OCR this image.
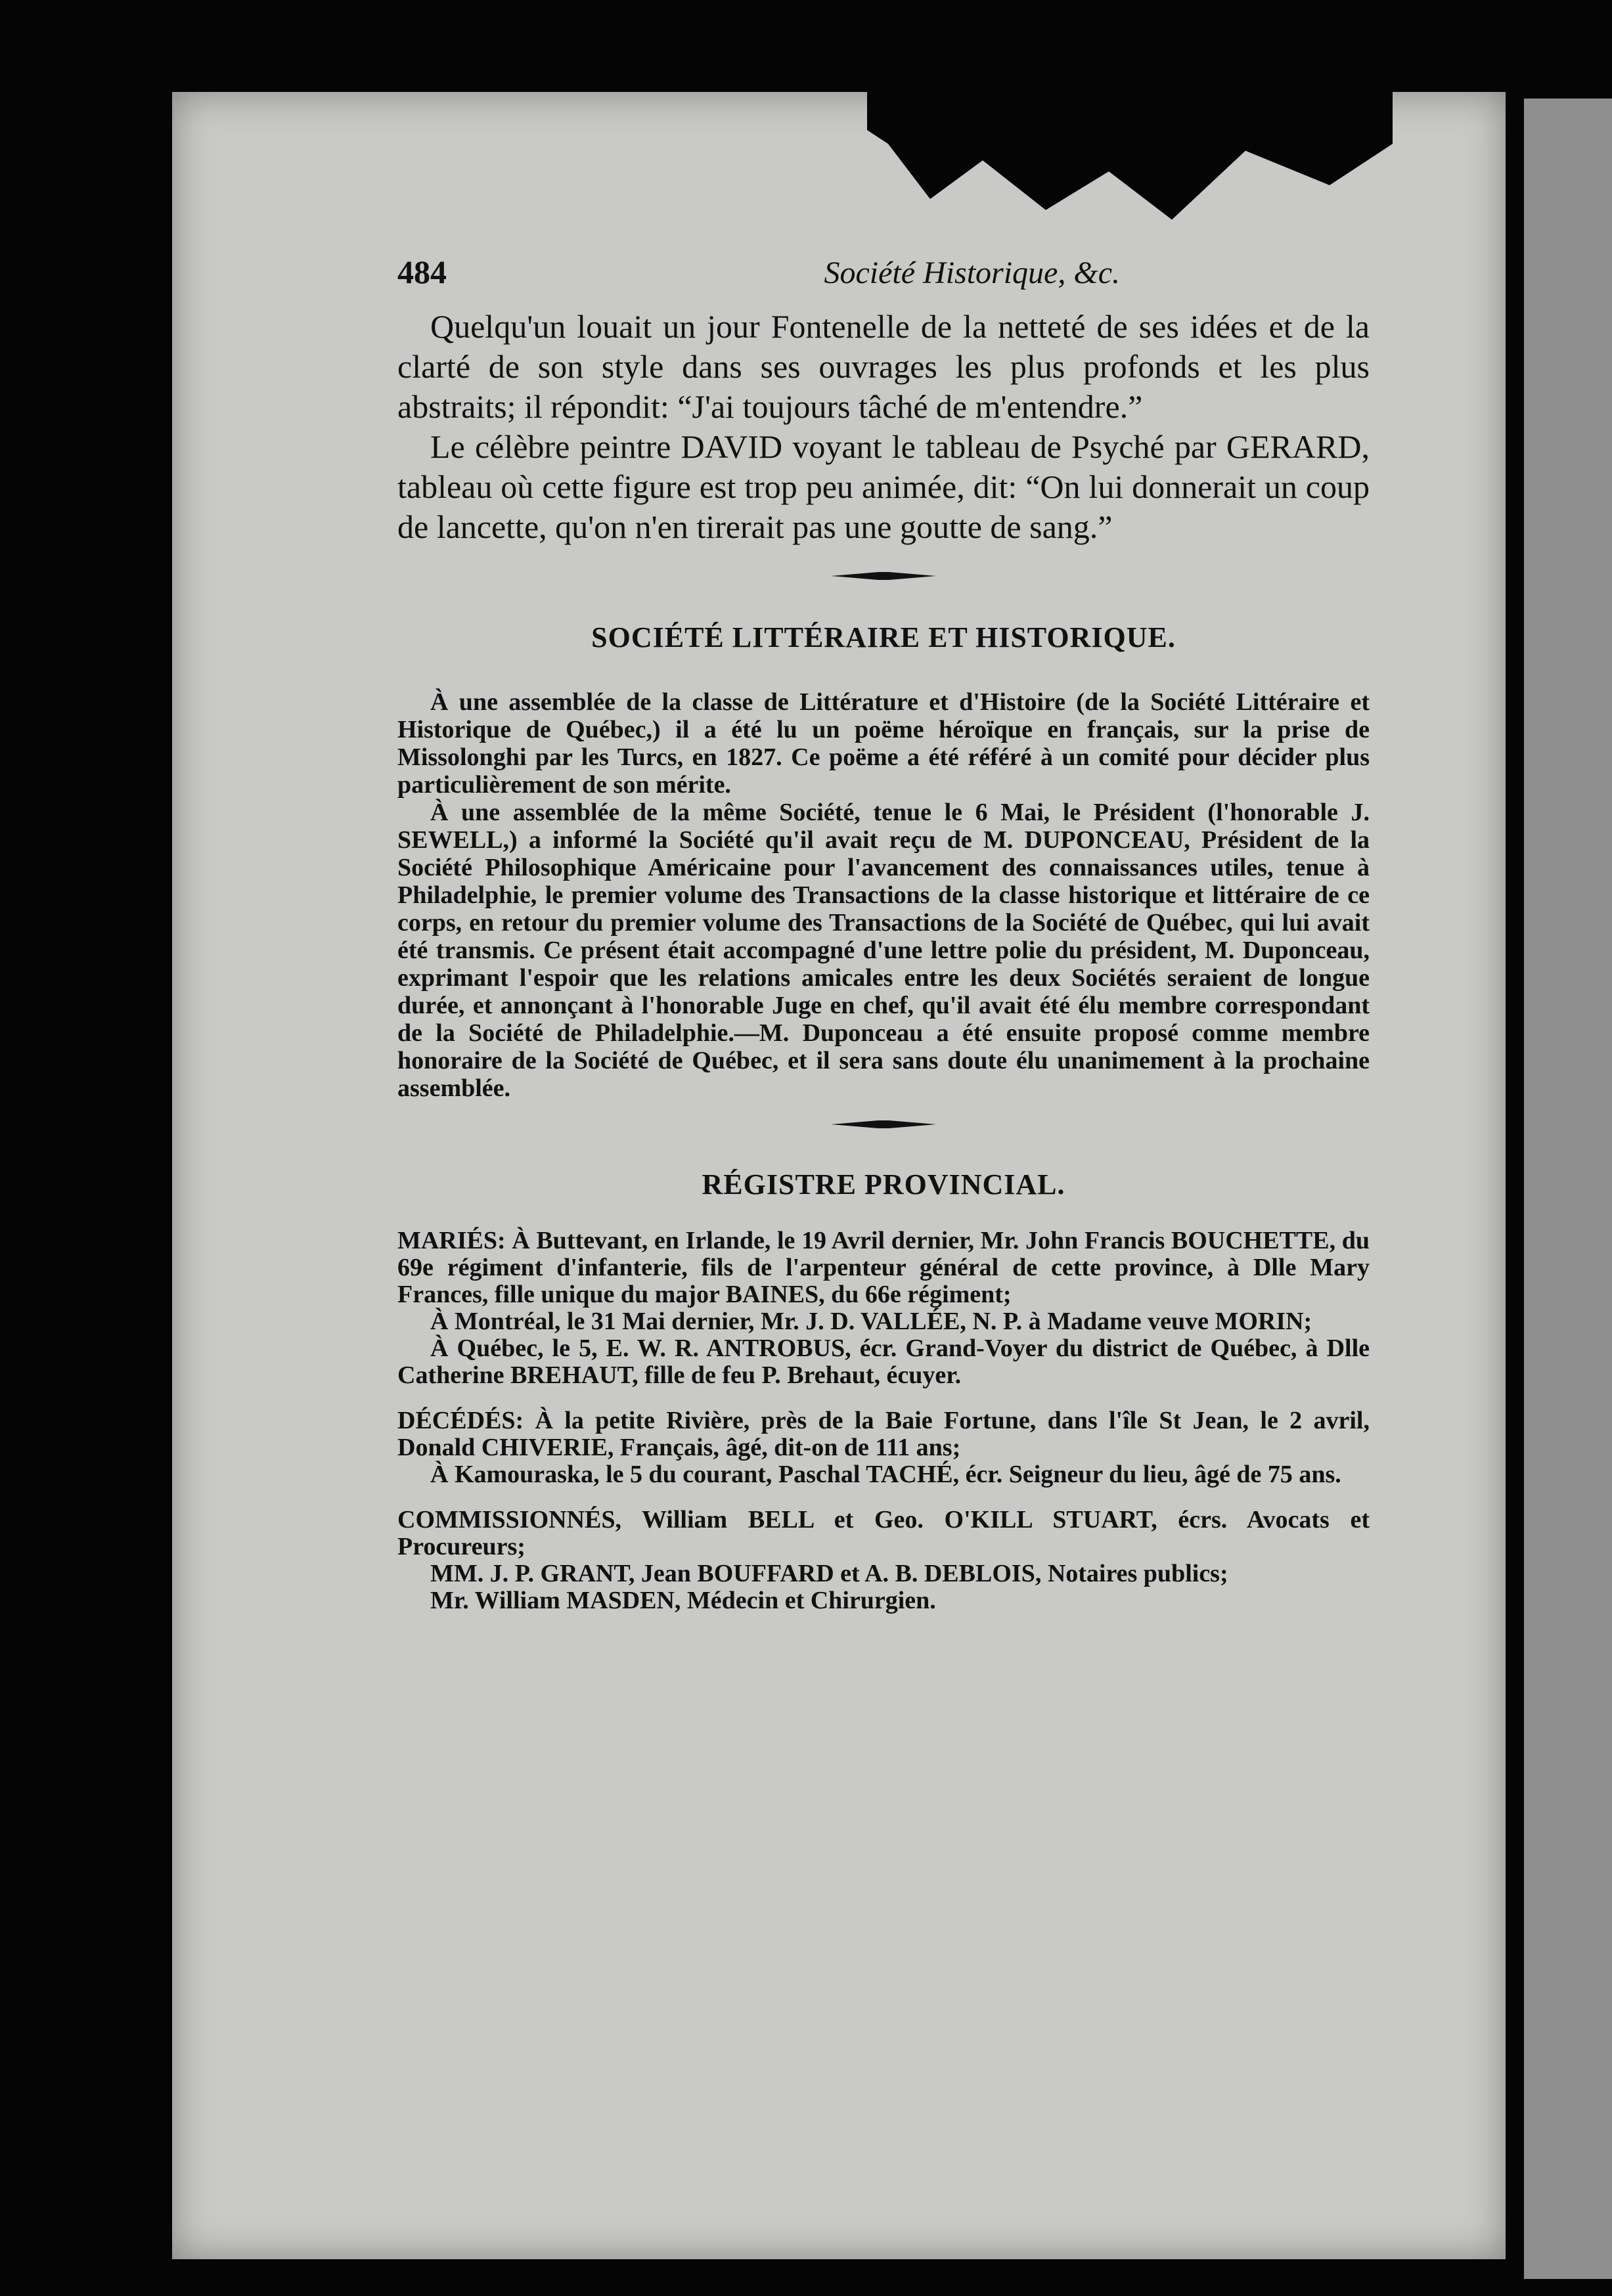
484	Société Historique, &c.

Quelqu'un louait un jour Fontenelle de la netteté de ses idées et de la clarté de son style dans ses ouvrages les plus profonds et les plus abstraits; il répondit: “J'ai toujours tâché de m'entendre.”

Le célèbre peintre DAVID voyant le tableau de Psyché par GERARD, tableau où cette figure est trop peu animée, dit: “On lui donnerait un coup de lancette, qu'on n'en tirerait pas une goutte de sang.”

SOCIÉTÉ LITTÉRAIRE ET HISTORIQUE.

À une assemblée de la classe de Littérature et d'Histoire (de la Société Littéraire et Historique de Québec,) il a été lu un poëme héroïque en français, sur la prise de Missolonghi par les Turcs, en 1827. Ce poëme a été référé à un comité pour décider plus particulièrement de son mérite.

À une assemblée de la même Société, tenue le 6 Mai, le Président (l'honorable J. SEWELL,) a informé la Société qu'il avait reçu de M. DUPONCEAU, Président de la Société Philosophique Américaine pour l'avancement des connaissances utiles, tenue à Philadelphie, le premier volume des Transactions de la classe historique et littéraire de ce corps, en retour du premier volume des Transactions de la Société de Québec, qui lui avait été transmis. Ce présent était accompagné d'une lettre polie du président, M. Duponceau, exprimant l'espoir que les relations amicales entre les deux Sociétés seraient de longue durée, et annonçant à l'honorable Juge en chef, qu'il avait été élu membre correspondant de la Société de Philadelphie.—M. Duponceau a été ensuite proposé comme membre honoraire de la Société de Québec, et il sera sans doute élu unanimement à la prochaine assemblée.

RÉGISTRE PROVINCIAL.

MARIÉS: À Buttevant, en Irlande, le 19 Avril dernier, Mr. John Francis BOUCHETTE, du 69e régiment d'infanterie, fils de l'arpenteur général de cette province, à Dlle Mary Frances, fille unique du major BAINES, du 66e régiment;

À Montréal, le 31 Mai dernier, Mr. J. D. VALLÉE, N. P. à Madame veuve MORIN;

À Québec, le 5, E. W. R. ANTROBUS, écr. Grand-Voyer du district de Québec, à Dlle Catherine BREHAUT, fille de feu P. Brehaut, écuyer.

DÉCÉDÉS: À la petite Rivière, près de la Baie Fortune, dans l'île St Jean, le 2 avril, Donald CHIVERIE, Français, âgé, dit-on de 111 ans;

À Kamouraska, le 5 du courant, Paschal TACHÉ, écr. Seigneur du lieu, âgé de 75 ans.

COMMISSIONNÉS, William BELL et Geo. O'KILL STUART, écrs. Avocats et Procureurs;

MM. J. P. GRANT, Jean BOUFFARD et A. B. DEBLOIS, Notaires publics;

Mr. William MASDEN, Médecin et Chirurgien.
